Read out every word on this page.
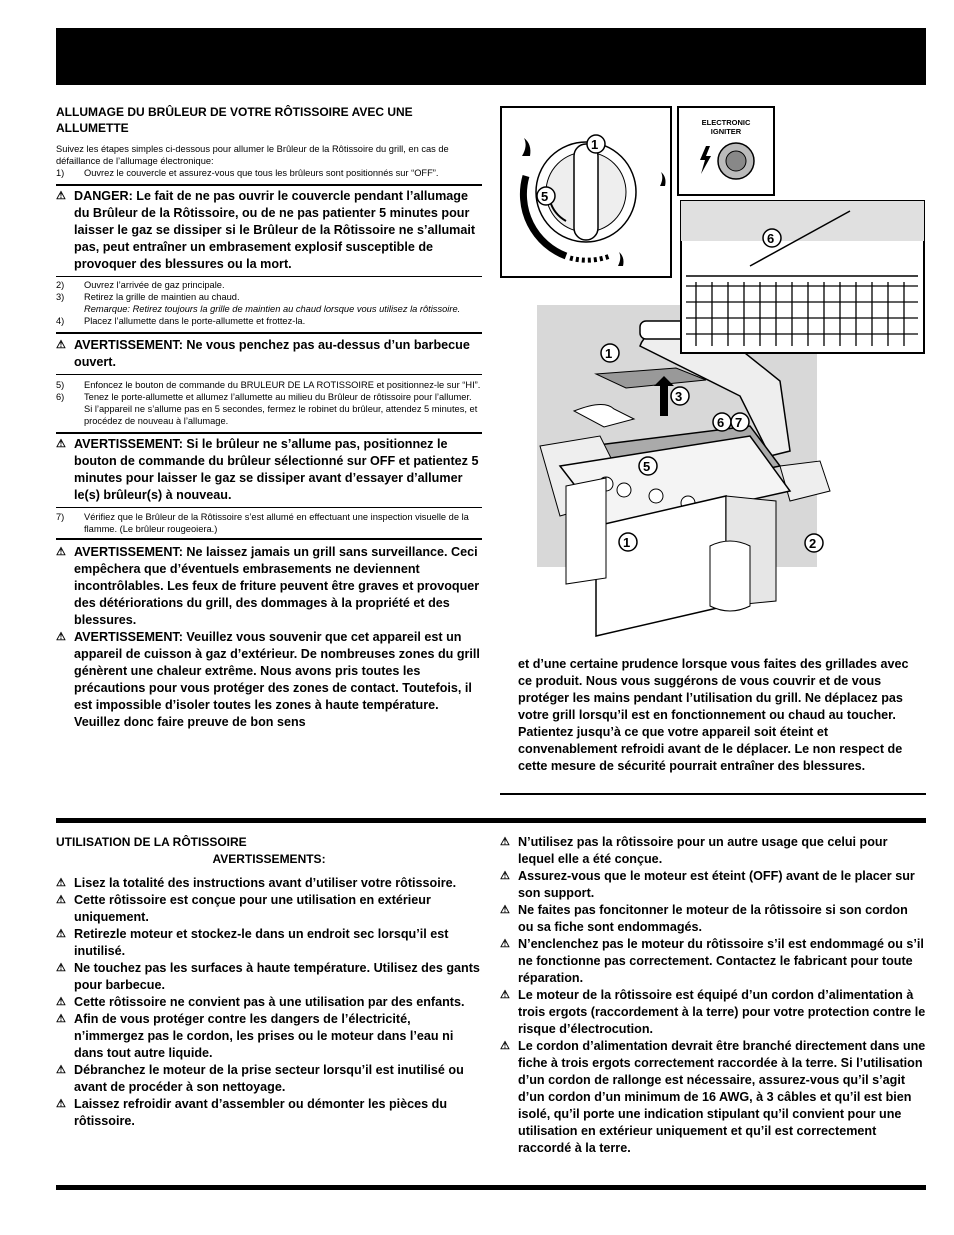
ALLUMAGE DU BRÛLEUR DE VOTRE RÔTISSOIRE AVEC UNE ALLUMETTE
Suivez les étapes simples ci-dessous pour allumer le Brûleur de la Rôtissoire du grill, en cas de défaillance de l’allumage électronique:
1)	Ouvrez le couvercle et assurez-vous que tous les brûleurs sont positionnés sur “OFF”.
⚠ DANGER: Le fait de ne pas ouvrir le couvercle pendant l’allumage du Brûleur de la Rôtissoire, ou de ne pas patienter 5 minutes pour laisser le gaz se dissiper si le Brûleur de la Rôtissoire ne s’allumait pas, peut entraîner un embrasement explosif susceptible de provoquer des blessures ou la mort.
2)	Ouvrez l’arrivée de gaz principale.
3)	Retirez la grille de maintien au chaud.
Remarque: Retirez toujours la grille de maintien au chaud lorsque vous utilisez la rôtissoire.
4)	Placez l’allumette dans le porte-allumette et frottez-la.
⚠ AVERTISSEMENT: Ne vous penchez pas au-dessus d’un barbecue ouvert.
5)	Enfoncez le bouton de commande du BRULEUR DE LA ROTISSOIRE et positionnez-le sur “HI”.
6)	Tenez le porte-allumette et allumez l’allumette au milieu du Brûleur de rôtissoire pour l’allumer. Si l’appareil ne s’allume pas en 5 secondes, fermez le robinet du brûleur, attendez 5 minutes, et procédez de nouveau à l’allumage.
⚠ AVERTISSEMENT: Si le brûleur ne s’allume pas, positionnez le bouton de commande du brûleur sélectionné sur OFF et patientez 5 minutes pour laisser le gaz se dissiper avant d’essayer d’allumer le(s) brûleur(s) à nouveau.
7)	Vérifiez que le Brûleur de la Rôtissoire s’est allumé en effectuant une inspection visuelle de la flamme. (Le brûleur rougeoiera.)
⚠ AVERTISSEMENT: Ne laissez jamais un grill sans surveillance. Ceci empêchera que d’éventuels embrasements ne deviennent incontrôlables. Les feux de friture peuvent être graves et provoquer des détériorations du grill, des dommages à la propriété et des blessures.
⚠ AVERTISSEMENT: Veuillez vous souvenir que cet appareil est un appareil de cuisson à gaz d’extérieur. De nombreuses zones du grill génèrent une chaleur extrême. Nous avons pris toutes les précautions pour vous protéger des zones de contact. Toutefois, il est impossible d’isoler toutes les zones à haute température. Veuillez donc faire preuve de bon sens
1
5
ELECTRONIC
IGNITER
1
3
6 7
5
1	2
6
et d’une certaine prudence lorsque vous faites des grillades avec ce produit. Nous vous suggérons de vous couvrir et de vous protéger les mains pendant l’utilisation du grill. Ne déplacez pas votre grill lorsqu’il est en fonctionnement ou chaud au toucher. Patientez jusqu’à ce que votre appareil soit éteint et convenablement refroidi avant de le déplacer. Le non respect de cette mesure de sécurité pourrait entraîner des blessures.
UTILISATION DE LA RÔTISSOIRE
AVERTISSEMENTS:
⚠ Lisez la totalité des instructions avant d’utiliser votre rôtissoire.
⚠ Cette rôtissoire est conçue pour une utilisation en extérieur uniquement.
⚠ Retirezle moteur et stockez-le dans un endroit sec lorsqu’il est inutilisé.
⚠ Ne touchez pas les surfaces à haute température. Utilisez des gants pour barbecue.
⚠ Cette rôtissoire ne convient pas à une utilisation par des enfants.
⚠ Afin de vous protéger contre les dangers de l’électricité, n’immergez pas le cordon, les prises ou le moteur dans l’eau ni dans tout autre liquide.
⚠ Débranchez le moteur de la prise secteur lorsqu’il est inutilisé ou avant de procéder à son nettoyage.
⚠ Laissez refroidir avant d’assembler ou démonter les pièces du rôtissoire.
⚠ N’utilisez pas la rôtissoire pour un autre usage que celui pour lequel elle a été conçue.
⚠ Assurez-vous que le moteur est éteint (OFF) avant de le placer sur son support.
⚠ Ne faites pas foncitonner le moteur de la rôtissoire si son cordon ou sa fiche sont endommagés.
⚠ N’enclenchez pas le moteur du rôtissoire s’il est endommagé ou s’il ne fonctionne pas correctement. Contactez le fabricant pour toute réparation.
⚠ Le moteur de la rôtissoire est équipé d’un cordon d’alimentation à trois ergots (raccordement à la terre) pour votre protection contre le risque d’électrocution.
⚠ Le cordon d’alimentation devrait être branché directement dans une fiche à trois ergots correctement raccordée à la terre. Si l’utilisation d’un cordon de rallonge est nécessaire, assurez-vous qu’il s’agit d’un cordon d’un minimum de 16 AWG, à 3 câbles et qu’il est bien isolé, qu’il porte une indication stipulant qu’il convient pour une utilisation en extérieur uniquement et qu’il est correctement raccordé à la terre.
